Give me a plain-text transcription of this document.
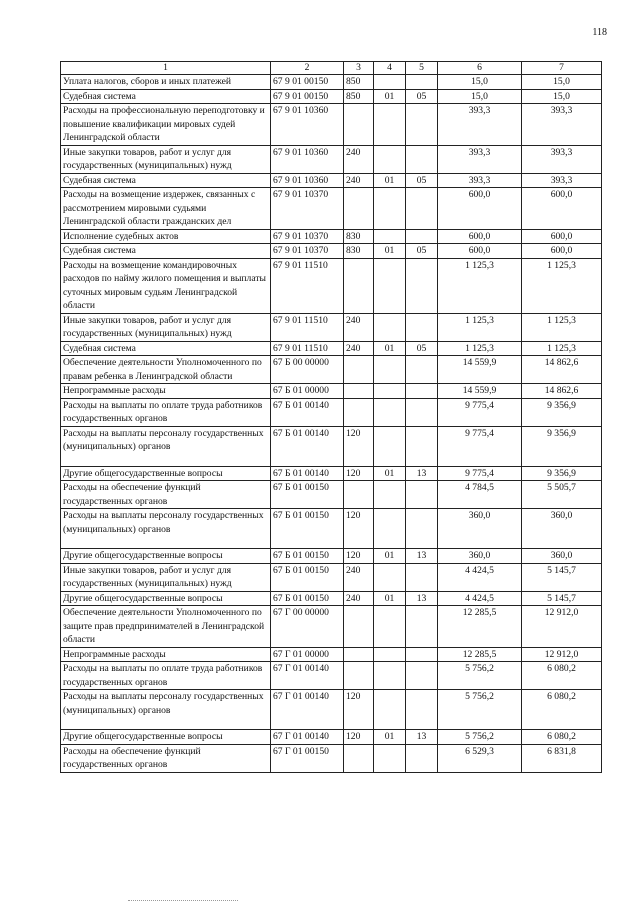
118
1	2	3	4	5	6	7
Уплата налогов, сборов и иных платежей	67 9 01 00150	850			15,0	15,0
Судебная система	67 9 01 00150	850	01	05	15,0	15,0
Расходы на профессиональную переподготовку и повышение квалификации мировых судей Ленинградской области	67 9 01 10360				393,3	393,3
Иные закупки товаров, работ и услуг для государственных (муниципальных) нужд	67 9 01 10360	240			393,3	393,3
Судебная система	67 9 01 10360	240	01	05	393,3	393,3
Расходы на возмещение издержек, связанных с рассмотрением мировыми судьями Ленинградской области гражданских дел	67 9 01 10370				600,0	600,0
Исполнение судебных актов	67 9 01 10370	830			600,0	600,0
Судебная система	67 9 01 10370	830	01	05	600,0	600,0
Расходы на возмещение командировочных расходов по найму жилого помещения и выплаты суточных мировым судьям Ленинградской области	67 9 01 11510				1 125,3	1 125,3
Иные закупки товаров, работ и услуг для государственных (муниципальных) нужд	67 9 01 11510	240			1 125,3	1 125,3
Судебная система	67 9 01 11510	240	01	05	1 125,3	1 125,3
Обеспечение деятельности Уполномоченного по правам ребенка в Ленинградской области	67 Б 00 00000				14 559,9	14 862,6
Непрограммные расходы	67 Б 01 00000				14 559,9	14 862,6
Расходы на выплаты по оплате труда работников государственных органов	67 Б 01 00140				9 775,4	9 356,9
Расходы на выплаты персоналу государственных (муниципальных) органов	67 Б 01 00140	120			9 775,4	9 356,9
Другие общегосударственные вопросы	67 Б 01 00140	120	01	13	9 775,4	9 356,9
Расходы на обеспечение функций государственных органов	67 Б 01 00150				4 784,5	5 505,7
Расходы на выплаты персоналу государственных (муниципальных) органов	67 Б 01 00150	120			360,0	360,0
Другие общегосударственные вопросы	67 Б 01 00150	120	01	13	360,0	360,0
Иные закупки товаров, работ и услуг для государственных (муниципальных) нужд	67 Б 01 00150	240			4 424,5	5 145,7
Другие общегосударственные вопросы	67 Б 01 00150	240	01	13	4 424,5	5 145,7
Обеспечение деятельности Уполномоченного по защите прав предпринимателей в Ленинградской области	67 Г 00 00000				12 285,5	12 912,0
Непрограммные расходы	67 Г 01 00000				12 285,5	12 912,0
Расходы на выплаты по оплате труда работников государственных органов	67 Г 01 00140				5 756,2	6 080,2
Расходы на выплаты персоналу государственных (муниципальных) органов	67 Г 01 00140	120			5 756,2	6 080,2
Другие общегосударственные вопросы	67 Г 01 00140	120	01	13	5 756,2	6 080,2
Расходы на обеспечение функций государственных органов	67 Г 01 00150				6 529,3	6 831,8
